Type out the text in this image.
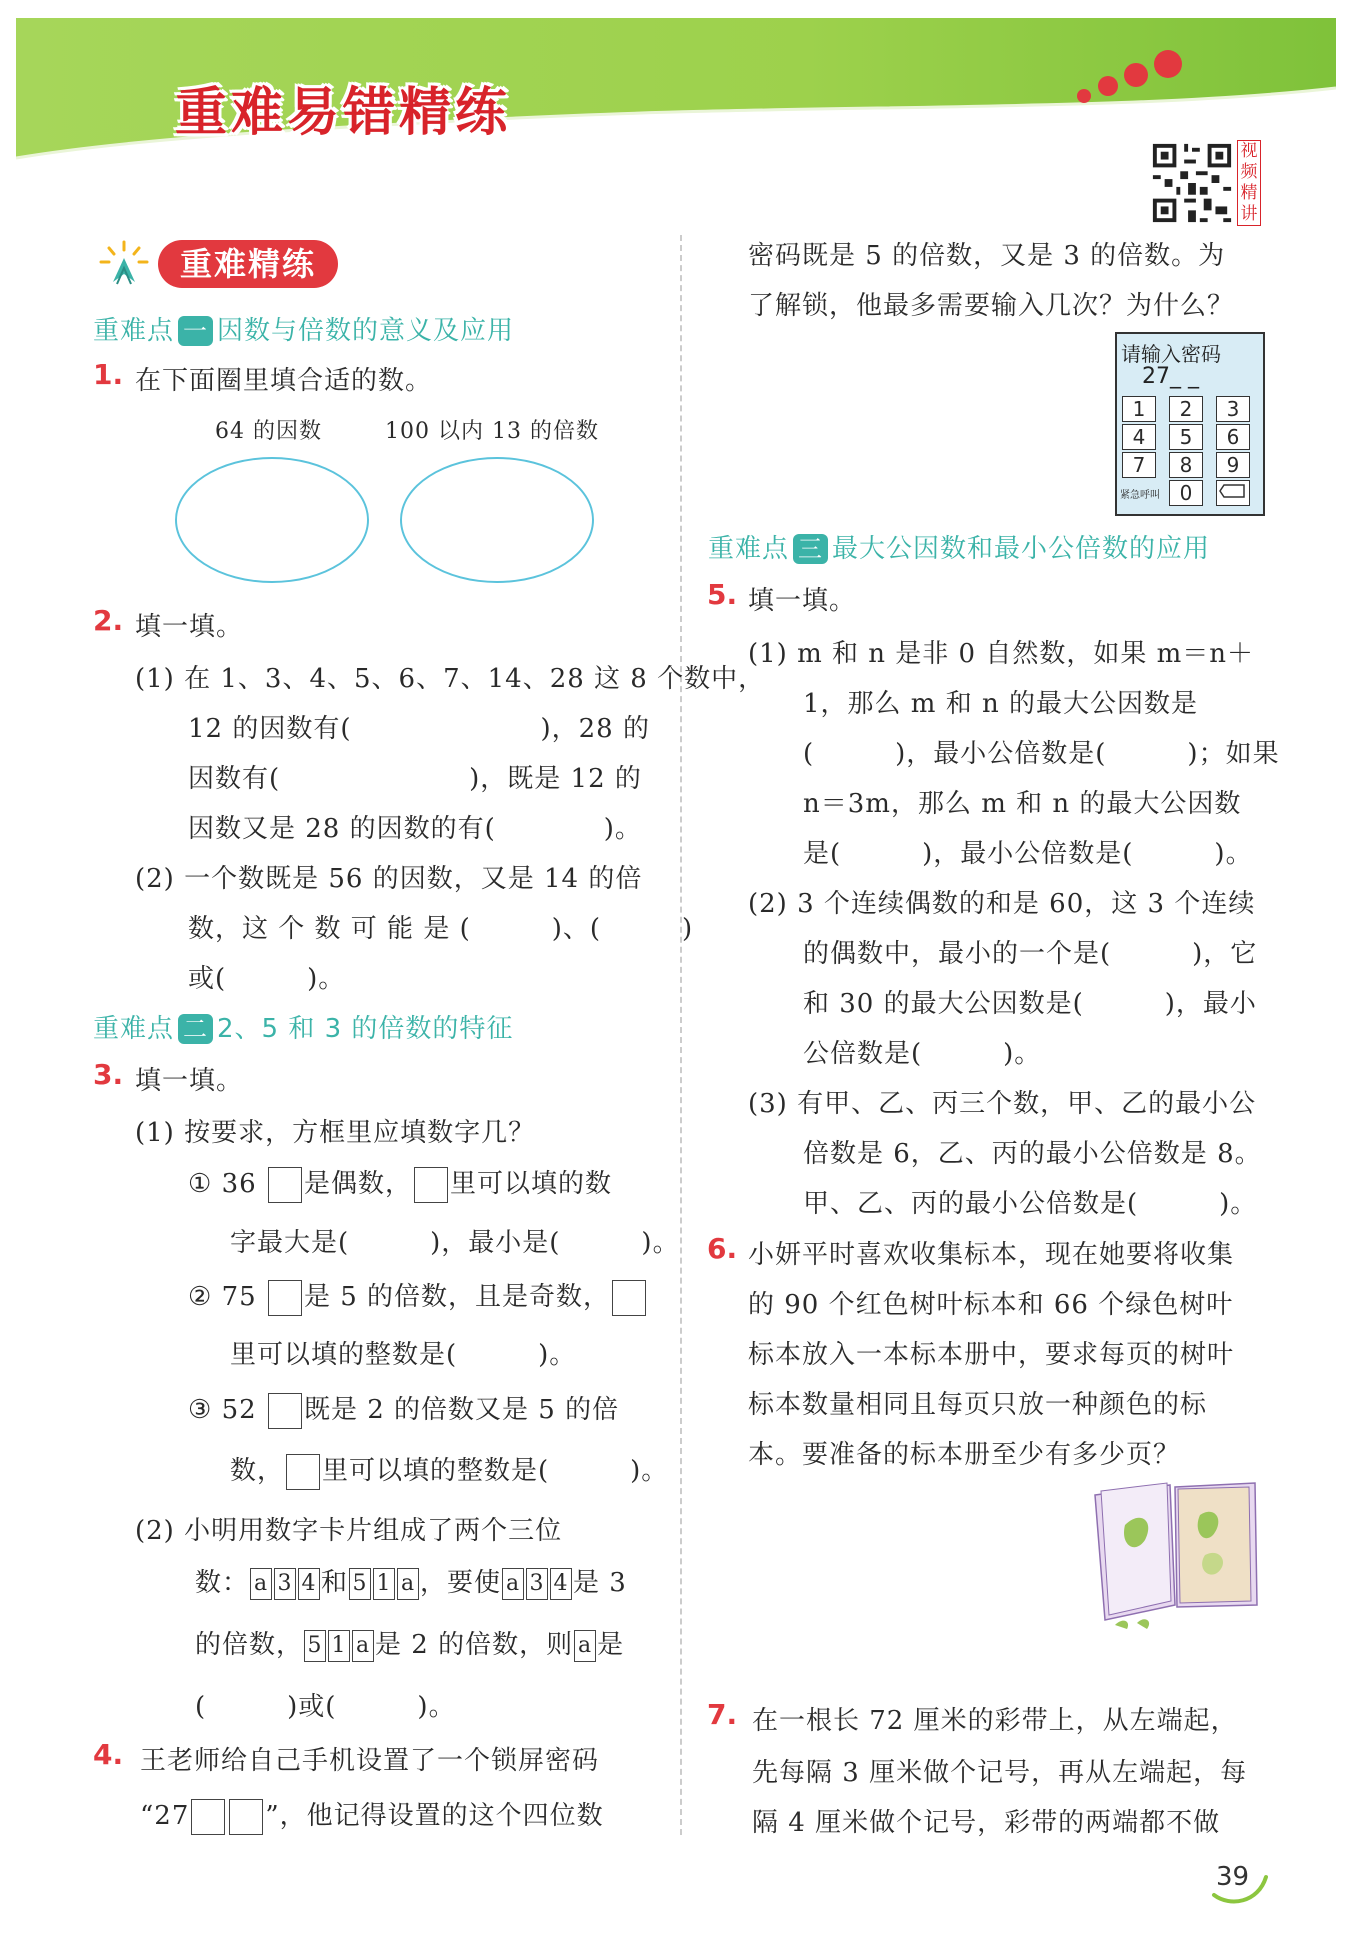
重难易错精练
视频精讲
重难精练
重难点 一 因数与倍数的意义及应用
1. 在下面圈里填合适的数。
64 的因数	100 以内 13 的倍数
2. 填一填。
(1) 在 1、3、4、5、6、7、14、28 这 8 个数中，
12 的因数有(　　　　　　　)，28 的
因数有(　　　　　　　)，既是 12 的
因数又是 28 的因数的有(　　　　)。
(2) 一个数既是 56 的因数，又是 14 的倍
数，这 个 数 可 能 是 (　　　)、(　　　)
或(　　　)。
重难点 二 2、5 和 3 的倍数的特征
3. 填一填。
(1) 按要求，方框里应填数字几？
① 36 是偶数， 里可以填的数
字最大是(　　　)，最小是(　　　)。
② 75 是 5 的倍数，且是奇数，
里可以填的整数是(　　　)。
③ 52 既是 2 的倍数又是 5 的倍
数， 里可以填的整数是(　　　)。
(2) 小明用数字卡片组成了两个三位
数： a 3 4 和 5 1 a ，要使 a 3 4 是 3
的倍数， 5 1 a 是 2 的倍数，则 a 是
(　　　)或(　　　)。
4. 王老师给自己手机设置了一个锁屏密码
“27	”，他记得设置的这个四位数
密码既是 5 的倍数，又是 3 的倍数。为
了解锁，他最多需要输入几次？为什么？
请输入密码
27_ _
1	2	3
4	5	6
7	8	9
紧急呼叫 0
重难点 三 最大公因数和最小公倍数的应用
5. 填一填。
(1) m 和 n 是非 0 自然数，如果 m＝n＋
1，那么 m 和 n 的最大公因数是
(　　　)，最小公倍数是(　　　)；如果
n＝3m，那么 m 和 n 的最大公因数
是(　　　)，最小公倍数是(　　　)。
(2) 3 个连续偶数的和是 60，这 3 个连续
的偶数中，最小的一个是(　　　)，它
和 30 的最大公因数是(　　　)，最小
公倍数是(　　　)。
(3) 有甲、乙、丙三个数，甲、乙的最小公
倍数是 6，乙、丙的最小公倍数是 8。
甲、乙、丙的最小公倍数是(　　　)。
6. 小妍平时喜欢收集标本，现在她要将收集
的 90 个红色树叶标本和 66 个绿色树叶
标本放入一本标本册中，要求每页的树叶
标本数量相同且每页只放一种颜色的标
本。要准备的标本册至少有多少页？
7. 在一根长 72 厘米的彩带上，从左端起，
先每隔 3 厘米做个记号，再从左端起，每
隔 4 厘米做个记号，彩带的两端都不做
39
